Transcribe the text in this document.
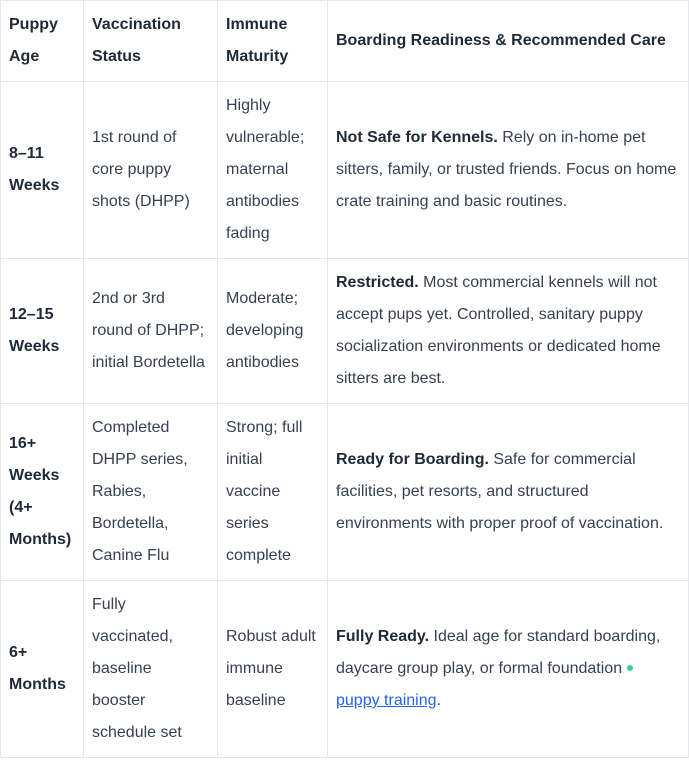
Puppy Age	Vaccination Status	Immune Maturity	Boarding Readiness & Recommended Care
8–11 Weeks	1st round of core puppy shots (DHPP)	Highly vulnerable; maternal antibodies fading	Not Safe for Kennels. Rely on in-home pet sitters, family, or trusted friends. Focus on home crate training and basic routines.
12–15 Weeks	2nd or 3rd round of DHPP; initial Bordetella	Moderate; developing antibodies	Restricted. Most commercial kennels will not accept pups yet. Controlled, sanitary puppy socialization environments or dedicated home sitters are best.
16+ Weeks (4+ Months)	Completed DHPP series, Rabies, Bordetella, Canine Flu	Strong; full initial vaccine series complete	Ready for Boarding. Safe for commercial facilities, pet resorts, and structured environments with proper proof of vaccination.
6+ Months	Fully vaccinated, baseline booster schedule set	Robust adult immune baseline	Fully Ready. Ideal age for standard boarding, daycare group play, or formal foundation puppy training.
